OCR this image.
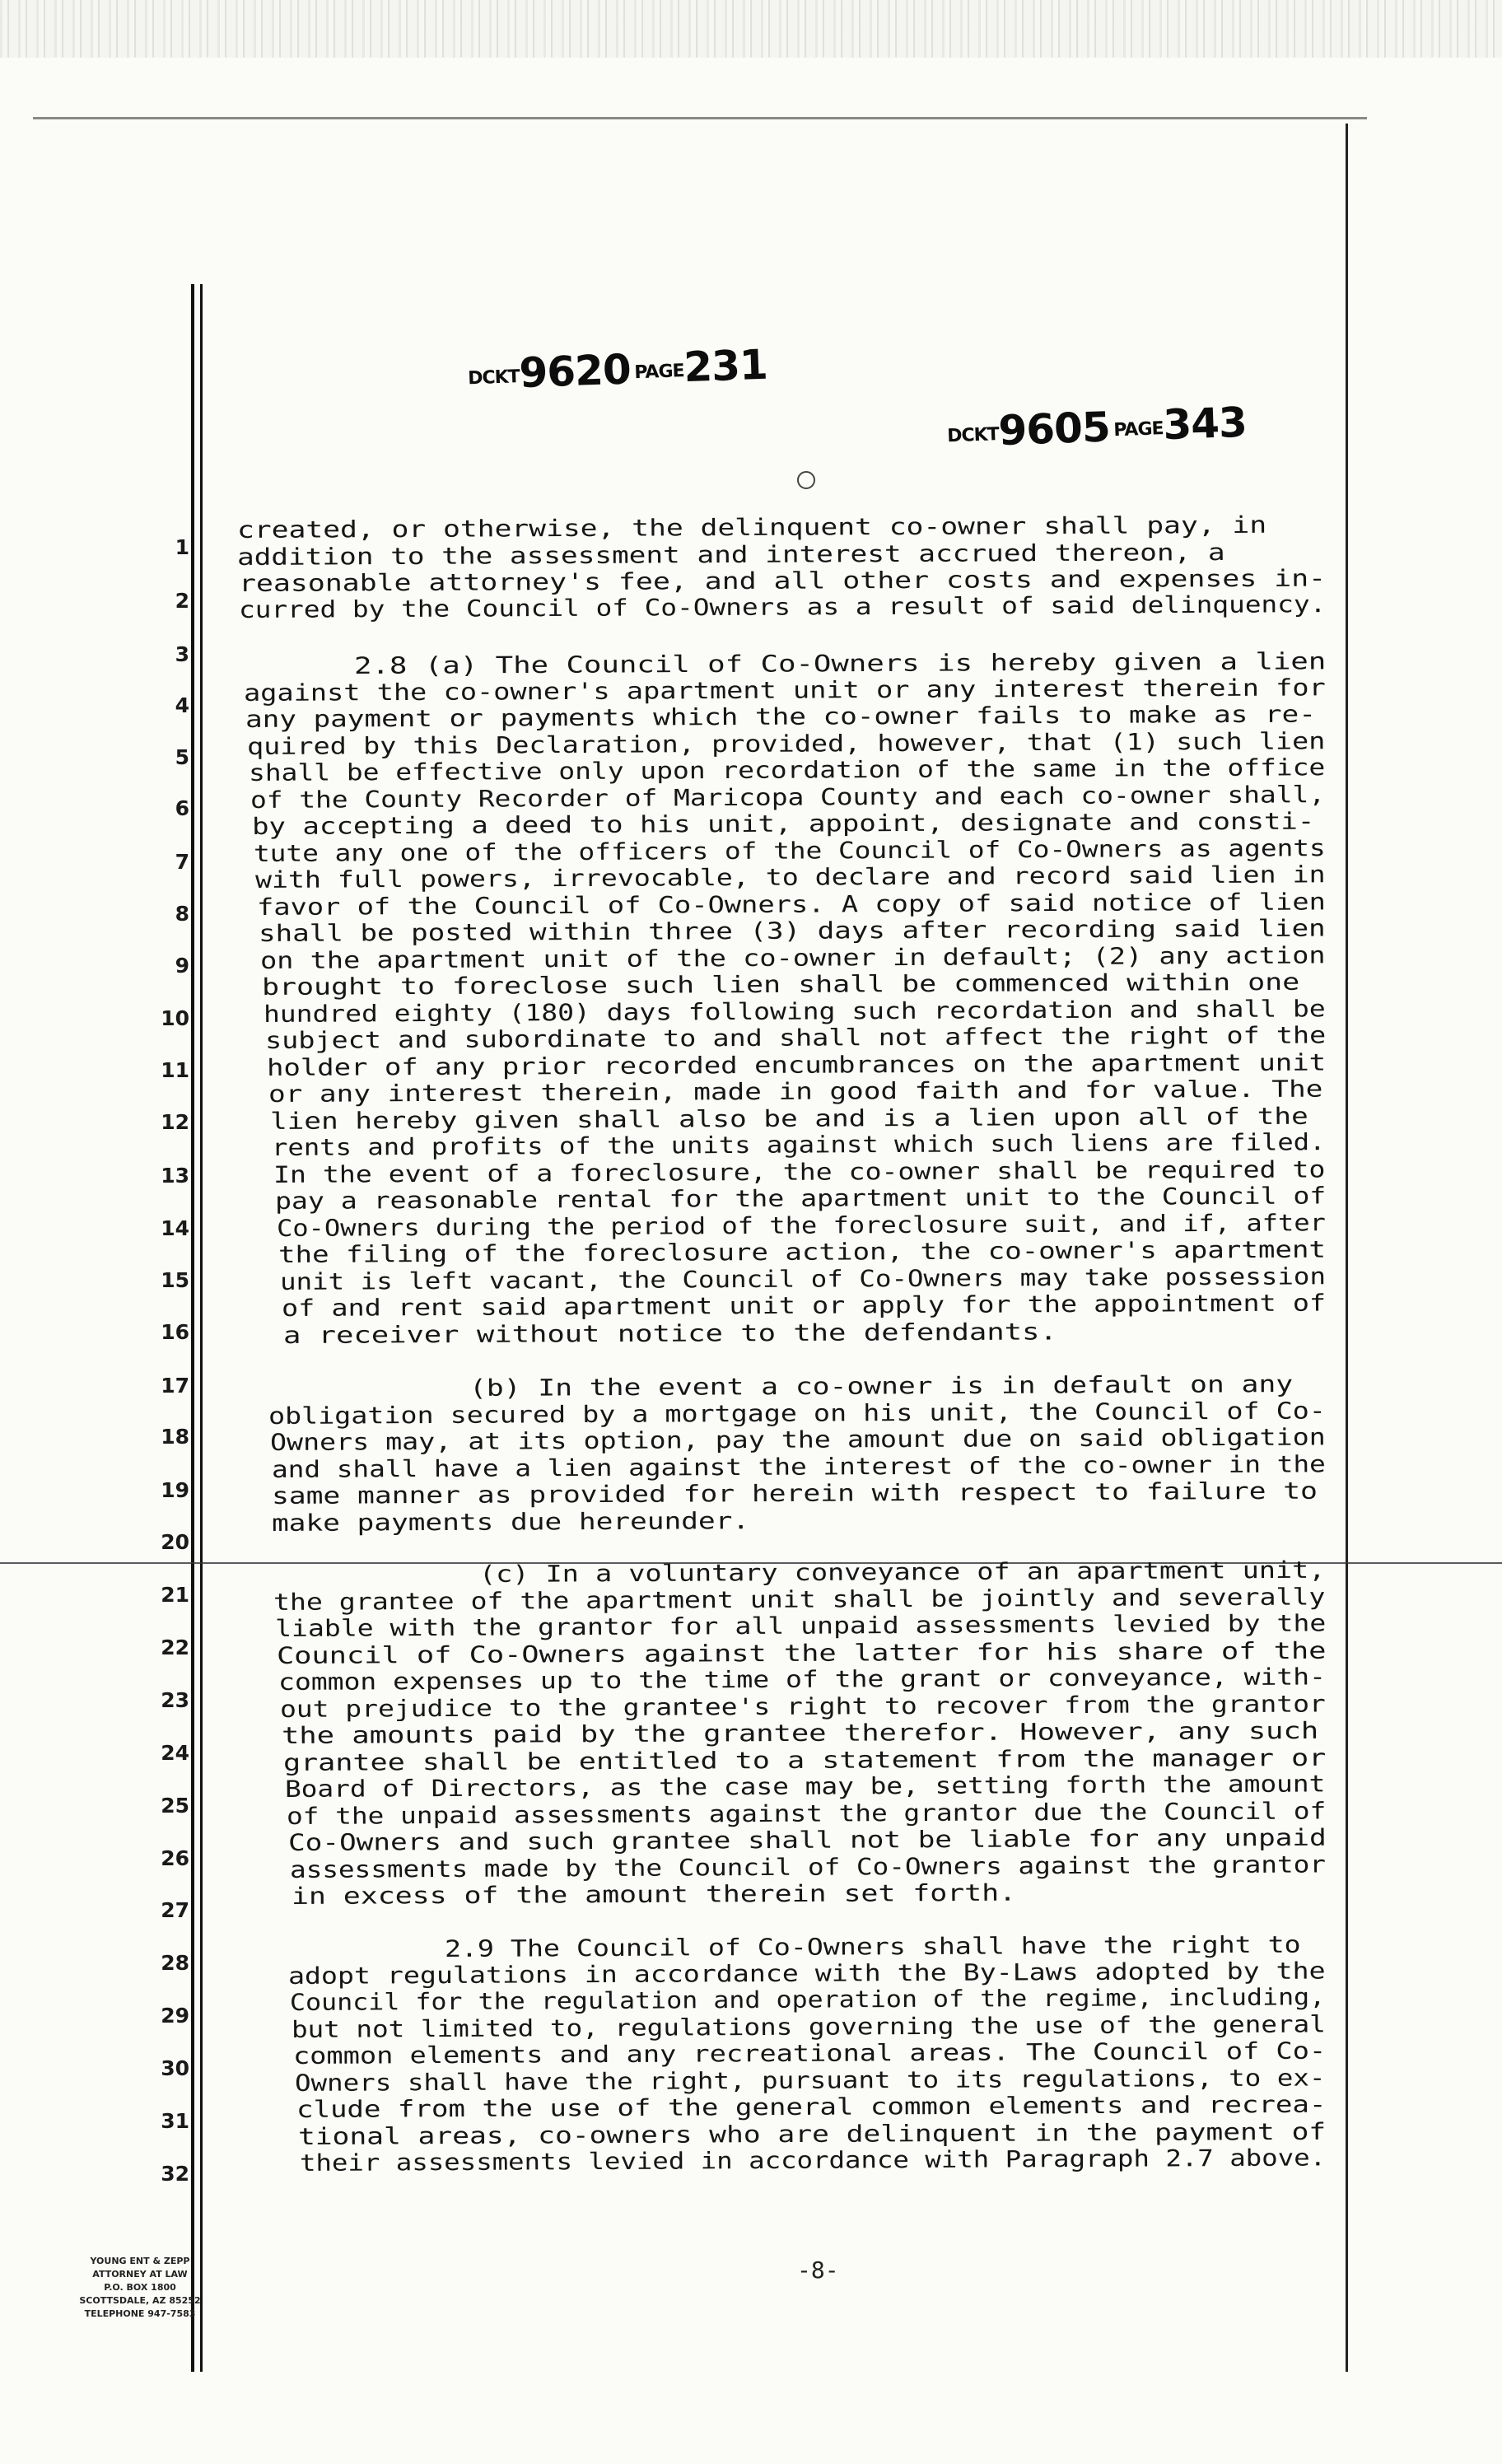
DCKT9620 PAGE231
DCKT9605 PAGE343
1
2
3
4
5
6
7
8
9
10
11
12
13
14
15
16
17
18
19
20
21
22
23
24
25
26
27
28
29
30
31
32
created, or otherwise, the delinquent co-owner shall pay, in
addition to the assessment and interest accrued thereon, a
reasonable attorney's fee, and all other costs and expenses in-
curred by the Council of Co-Owners as a result of said delinquency.
2.8 (a) The Council of Co-Owners is hereby given a lien
against the co-owner's apartment unit or any interest therein for
any payment or payments which the co-owner fails to make as re-
quired by this Declaration, provided, however, that (1) such lien
shall be effective only upon recordation of the same in the office
of the County Recorder of Maricopa County and each co-owner shall,
by accepting a deed to his unit, appoint, designate and consti-
tute any one of the officers of the Council of Co-Owners as agents
with full powers, irrevocable, to declare and record said lien in
favor of the Council of Co-Owners. A copy of said notice of lien
shall be posted within three (3) days after recording said lien
on the apartment unit of the co-owner in default; (2) any action
brought to foreclose such lien shall be commenced within one
hundred eighty (180) days following such recordation and shall be
subject and subordinate to and shall not affect the right of the
holder of any prior recorded encumbrances on the apartment unit
or any interest therein, made in good faith and for value. The
lien hereby given shall also be and is a lien upon all of the
rents and profits of the units against which such liens are filed.
In the event of a foreclosure, the co-owner shall be required to
pay a reasonable rental for the apartment unit to the Council of
Co-Owners during the period of the foreclosure suit, and if, after
the filing of the foreclosure action, the co-owner's apartment
unit is left vacant, the Council of Co-Owners may take possession
of and rent said apartment unit or apply for the appointment of
a receiver without notice to the defendants.
(b) In the event a co-owner is in default on any
obligation secured by a mortgage on his unit, the Council of Co-
Owners may, at its option, pay the amount due on said obligation
and shall have a lien against the interest of the co-owner in the
same manner as provided for herein with respect to failure to
make payments due hereunder.
(c) In a voluntary conveyance of an apartment unit,
the grantee of the apartment unit shall be jointly and severally
liable with the grantor for all unpaid assessments levied by the
Council of Co-Owners against the latter for his share of the
common expenses up to the time of the grant or conveyance, with-
out prejudice to the grantee's right to recover from the grantor
the amounts paid by the grantee therefor. However, any such
grantee shall be entitled to a statement from the manager or
Board of Directors, as the case may be, setting forth the amount
of the unpaid assessments against the grantor due the Council of
Co-Owners and such grantee shall not be liable for any unpaid
assessments made by the Council of Co-Owners against the grantor
in excess of the amount therein set forth.
2.9 The Council of Co-Owners shall have the right to
adopt regulations in accordance with the By-Laws adopted by the
Council for the regulation and operation of the regime, including,
but not limited to, regulations governing the use of the general
common elements and any recreational areas. The Council of Co-
Owners shall have the right, pursuant to its regulations, to ex-
clude from the use of the general common elements and recrea-
tional areas, co-owners who are delinquent in the payment of
their assessments levied in accordance with Paragraph 2.7 above.
YOUNG ENT & ZEPP
ATTORNEY AT LAW
P.O. BOX 1800
SCOTTSDALE, AZ 85252
TELEPHONE 947-7583
-8-
